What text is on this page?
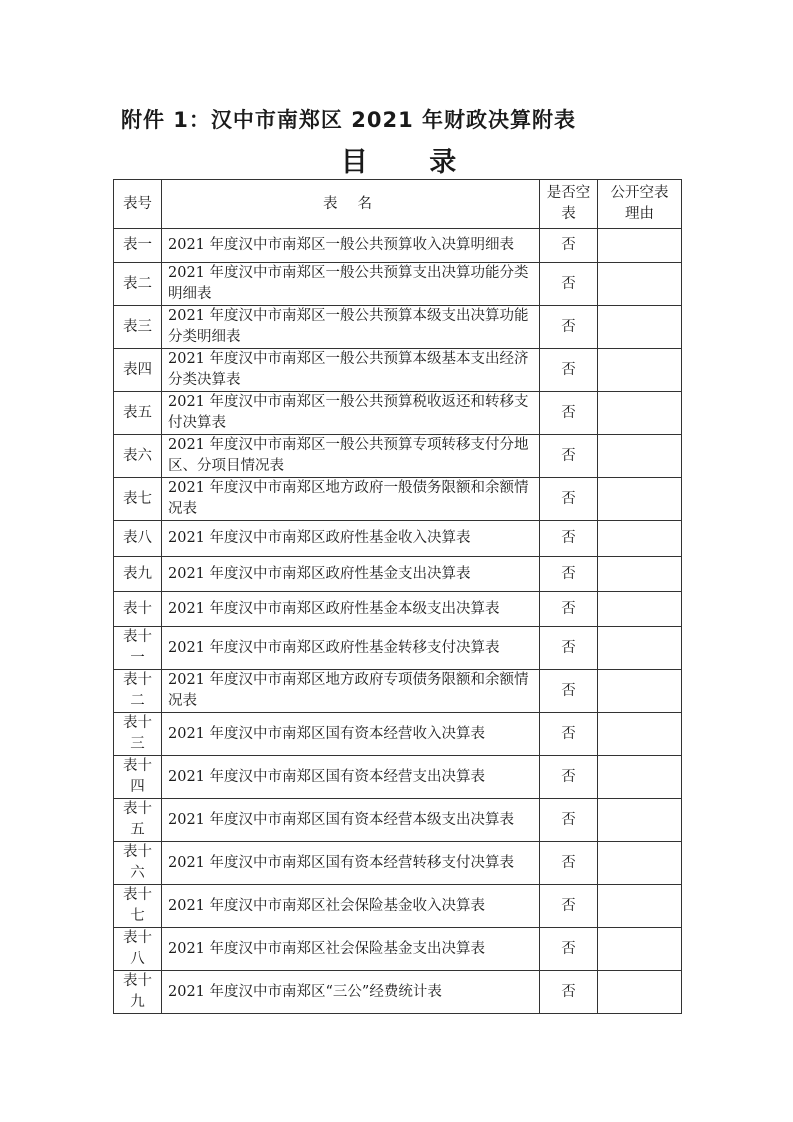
附件 1：汉中市南郑区 2021 年财政决算附表
目 录
表号	表名	是否空表	公开空表理由
表一	2021 年度汉中市南郑区一般公共预算收入决算明细表	否	
表二	2021 年度汉中市南郑区一般公共预算支出决算功能分类明细表	否	
表三	2021 年度汉中市南郑区一般公共预算本级支出决算功能分类明细表	否	
表四	2021 年度汉中市南郑区一般公共预算本级基本支出经济分类决算表	否	
表五	2021 年度汉中市南郑区一般公共预算税收返还和转移支付决算表	否	
表六	2021 年度汉中市南郑区一般公共预算专项转移支付分地区、分项目情况表	否	
表七	2021 年度汉中市南郑区地方政府一般债务限额和余额情况表	否	
表八	2021 年度汉中市南郑区政府性基金收入决算表	否	
表九	2021 年度汉中市南郑区政府性基金支出决算表	否	
表十	2021 年度汉中市南郑区政府性基金本级支出决算表	否	
表十一	2021 年度汉中市南郑区政府性基金转移支付决算表	否	
表十二	2021 年度汉中市南郑区地方政府专项债务限额和余额情况表	否	
表十三	2021 年度汉中市南郑区国有资本经营收入决算表	否	
表十四	2021 年度汉中市南郑区国有资本经营支出决算表	否	
表十五	2021 年度汉中市南郑区国有资本经营本级支出决算表	否	
表十六	2021 年度汉中市南郑区国有资本经营转移支付决算表	否	
表十七	2021 年度汉中市南郑区社会保险基金收入决算表	否	
表十八	2021 年度汉中市南郑区社会保险基金支出决算表	否	
表十九	2021 年度汉中市南郑区“三公”经费统计表	否	
